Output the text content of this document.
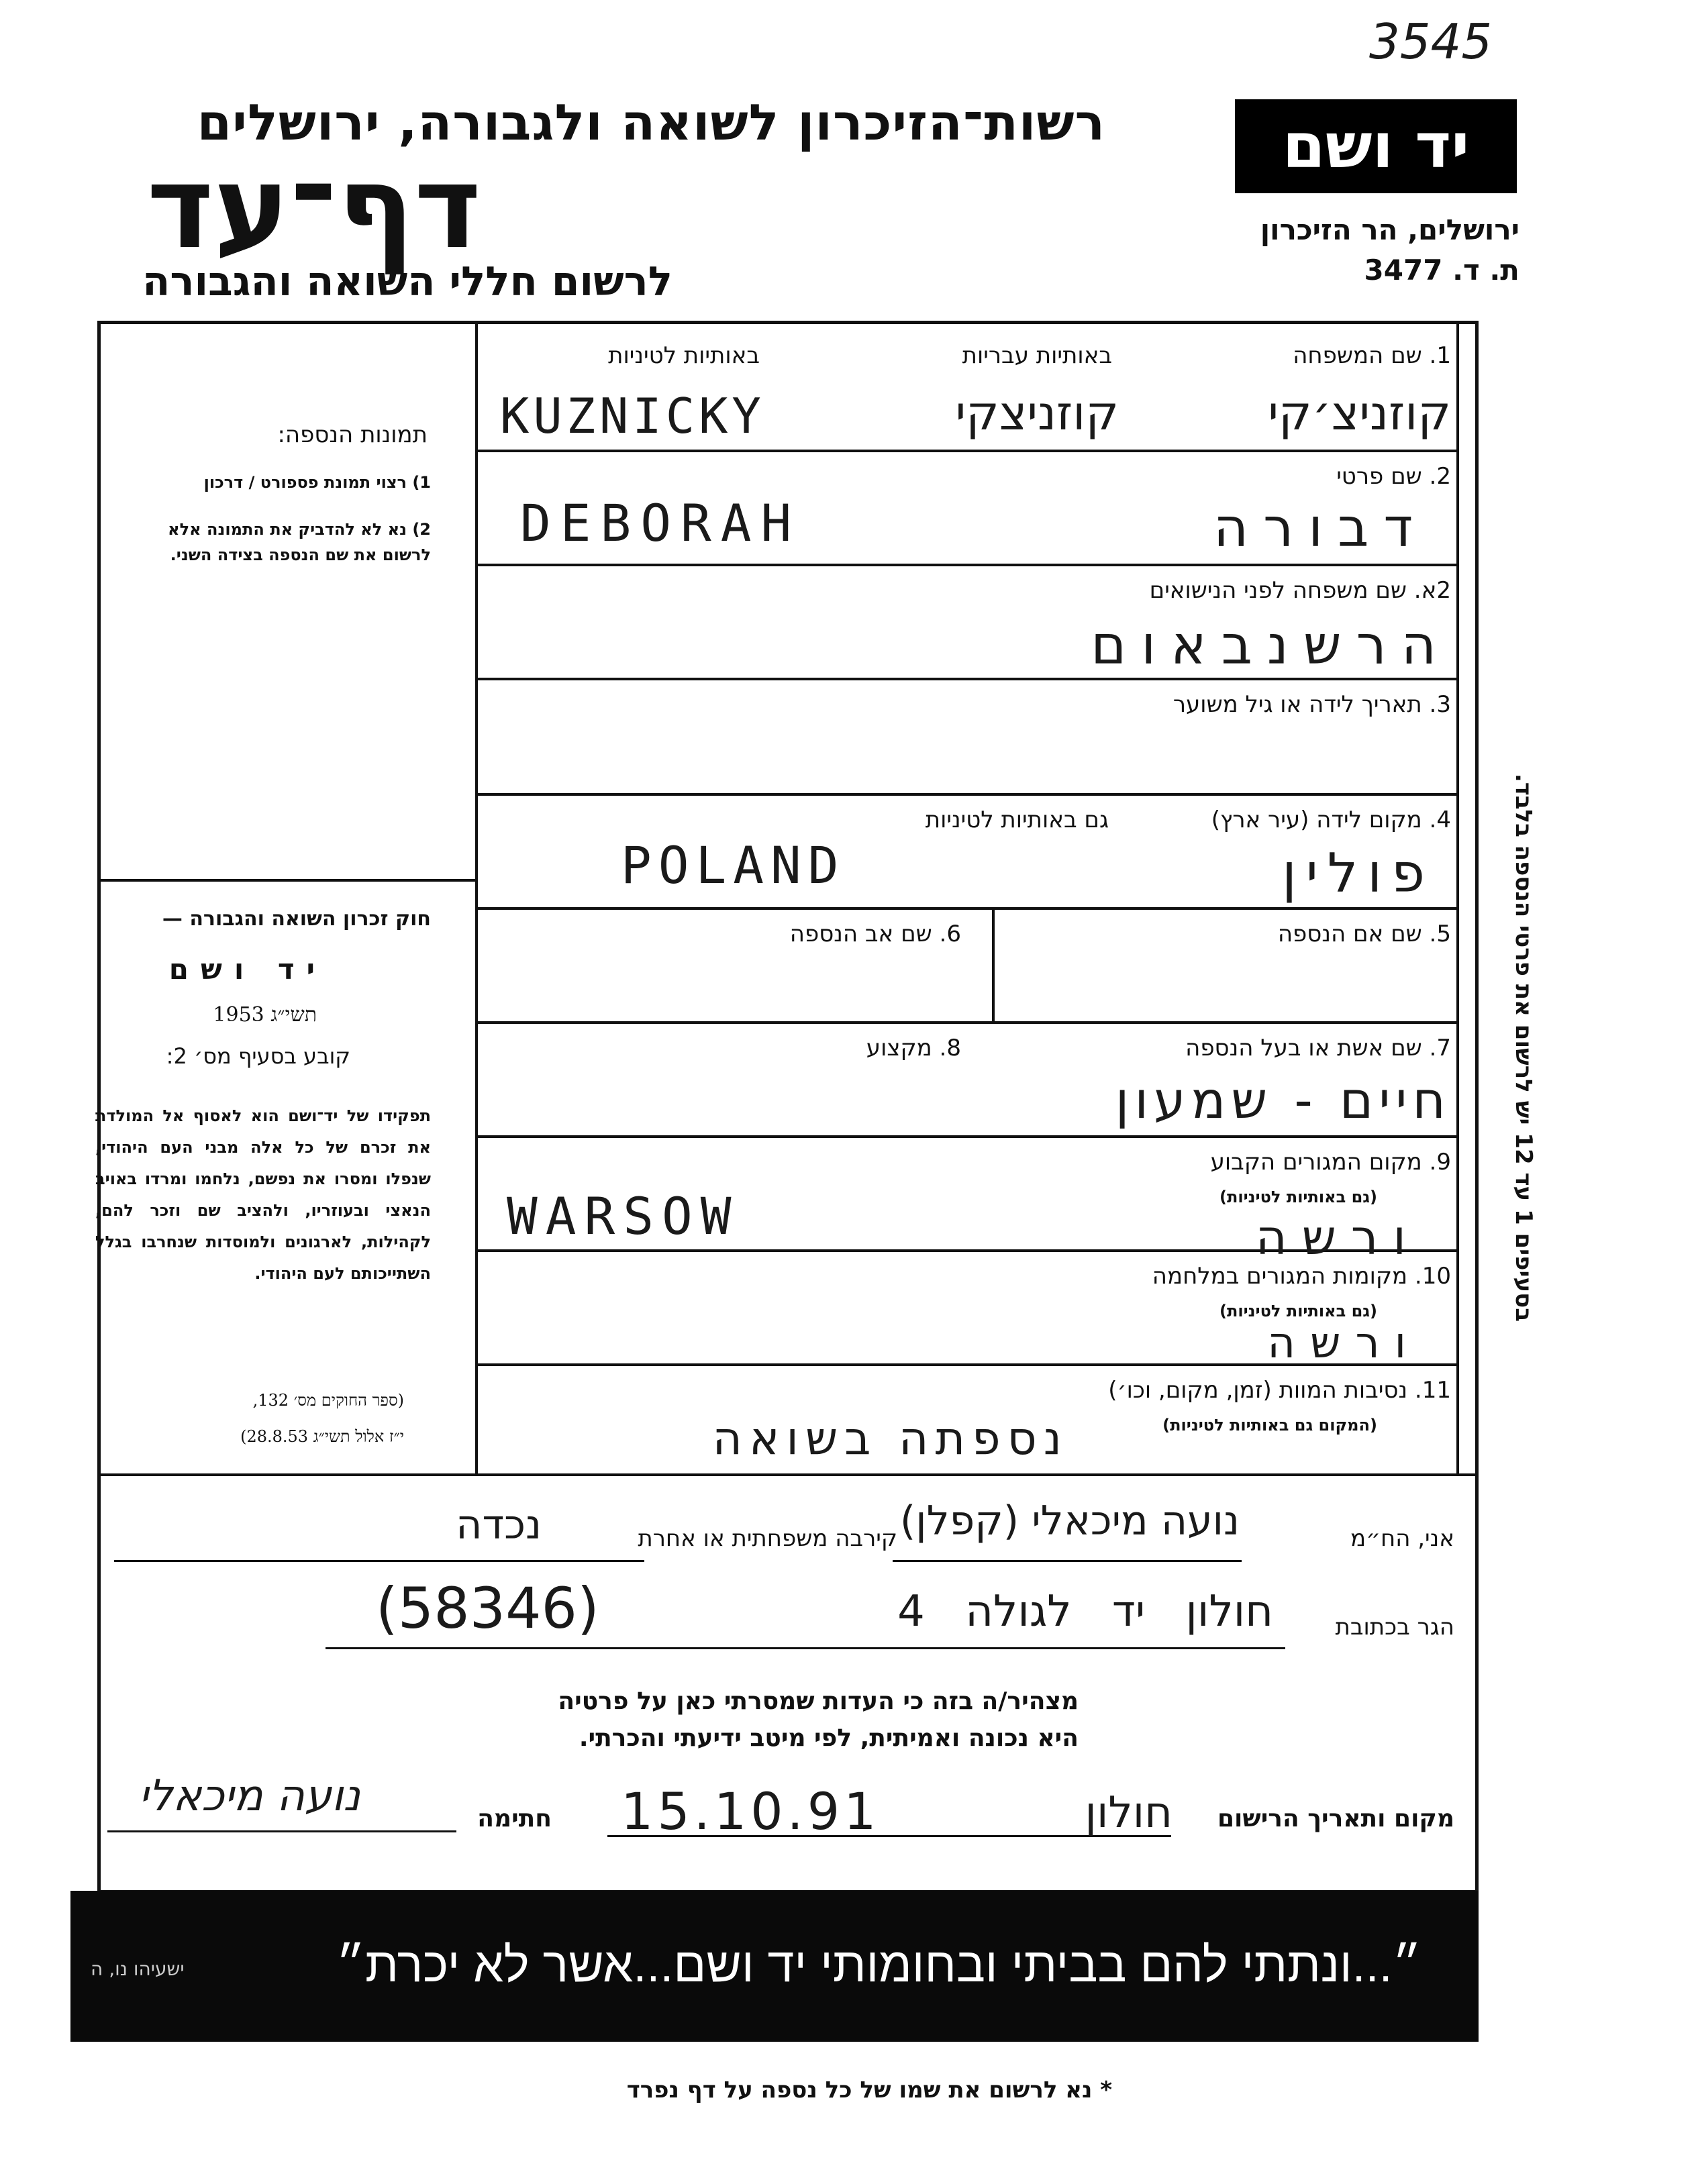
3545
רשות־הזיכרון לשואה ולגבורה, ירושלים
דף־עד
לרשום חללי השואה והגבורה
יד ושם
ירושלים, הר הזיכרון
ת. ד. 3477
תמונות הנספה:
1) רצוי תמונת פספורט / דרכון
2) נא לא להדביק את התמונה אלא לרשום את שם הנספה בצידה השני.
חוק זכרון השואה והגבורה —
יד ושם
תשי״ג 1953
קובע בסעיף מס׳ 2:
תפקידו של יד־ושם הוא לאסוף אל המולדת את זכרם של כל אלה מבני העם היהודי, שנפלו ומסרו את נפשם, נלחמו ומרדו באויב הנאצי ובעוזריו, ולהציב שם וזכר להם, לקהילות, לארגונים ולמוסדות שנחרבו בגלל השתייכותם לעם היהודי.
(ספר החוקים מס׳ 132,
י״ז אלול תשי״ג 28.8.53)
בסעיפים 1 עד 12 יש לרשום את פרטי הנספה בלבד.
1. שם המשפחה
באותיות עבריות
באותיות לטיניות
קוזניצ׳קי
קוזניצקי
KUZNICKY
2. שם פרטי
דבורה
DEBORAH
2א. שם משפחה לפני הנישואים
הרשנבאום
3. תאריך לידה או גיל משוער
4. מקום לידה (עיר ארץ)
גם באותיות לטיניות
פולין
POLAND
5. שם אם הנספה
6. שם אב הנספה
7. שם אשת או בעל הנספה
8. מקצוע
חיים - שמעון
9. מקום המגורים הקבוע
(גם באותיות לטיניות)
WARSOW	ורשה
10. מקומות המגורים במלחמה
(גם באותיות לטיניות)
ורשה
11. נסיבות המוות (זמן, מקום, וכו׳)
(המקום גם באותיות לטיניות)
נספתה בשואה
אני, הח״מ
נועה מיכאלי (קפלן)
קירבה משפחתית או אחרת
נכדה
הגר בכתובת
חולון יד לגולה 4
(58346)
מצהיר/ה בזה כי העדות שמסרתי כאן על פרטיה
היא נכונה ואמיתית, לפי מיטב ידיעתי והכרתי.
מקום ותאריך הרישום
חולון
15.10.91
חתימה
נועה מיכאלי
״...ונתתי להם בביתי ובחומותי יד ושם...אשר לא יכרת״
ישעיהו נו, ה
* נא לרשום את שמו של כל נספה על דף נפרד
